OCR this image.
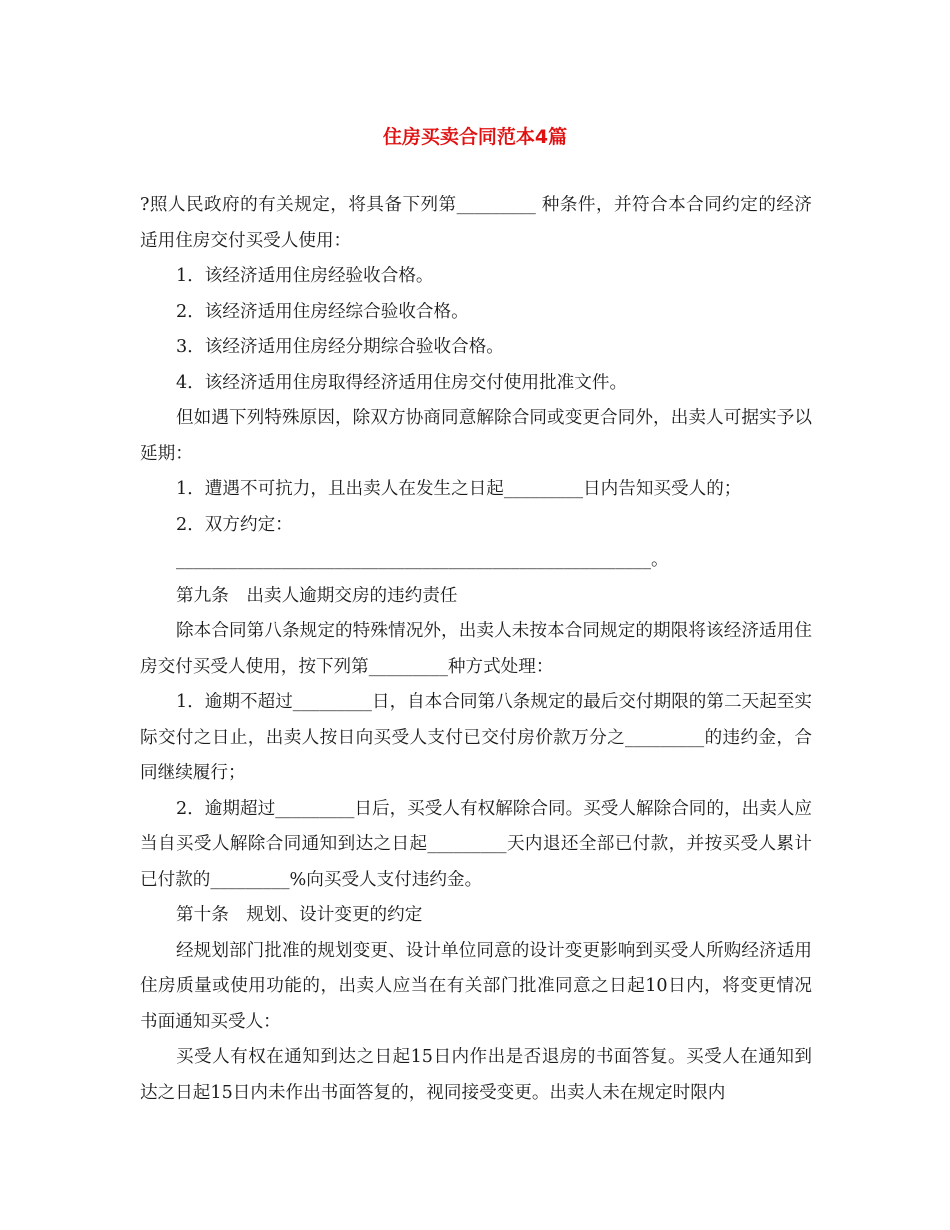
住房买卖合同范本4篇

?照人民政府的有关规定，将具备下列第_________ 种条件，并符合本合同约定的经济适用住房交付买受人使用：

1．该经济适用住房经验收合格。

2．该经济适用住房经综合验收合格。

3．该经济适用住房经分期综合验收合格。

4．该经济适用住房取得经济适用住房交付使用批准文件。

但如遇下列特殊原因，除双方协商同意解除合同或变更合同外，出卖人可据实予以延期：

1．遭遇不可抗力，且出卖人在发生之日起_________日内告知买受人的；

2．双方约定：

______________________________________________________。

第九条　出卖人逾期交房的违约责任

除本合同第八条规定的特殊情况外，出卖人未按本合同规定的期限将该经济适用住房交付买受人使用，按下列第_________种方式处理：

1．逾期不超过_________日，自本合同第八条规定的最后交付期限的第二天起至实际交付之日止，出卖人按日向买受人支付已交付房价款万分之_________的违约金，合同继续履行；

2．逾期超过_________日后，买受人有权解除合同。买受人解除合同的，出卖人应当自买受人解除合同通知到达之日起_________天内退还全部已付款，并按买受人累计已付款的_________%向买受人支付违约金。

第十条　规划、设计变更的约定

经规划部门批准的规划变更、设计单位同意的设计变更影响到买受人所购经济适用住房质量或使用功能的，出卖人应当在有关部门批准同意之日起10日内，将变更情况书面通知买受人：

买受人有权在通知到达之日起15日内作出是否退房的书面答复。买受人在通知到达之日起15日内未作出书面答复的，视同接受变更。出卖人未在规定时限内
